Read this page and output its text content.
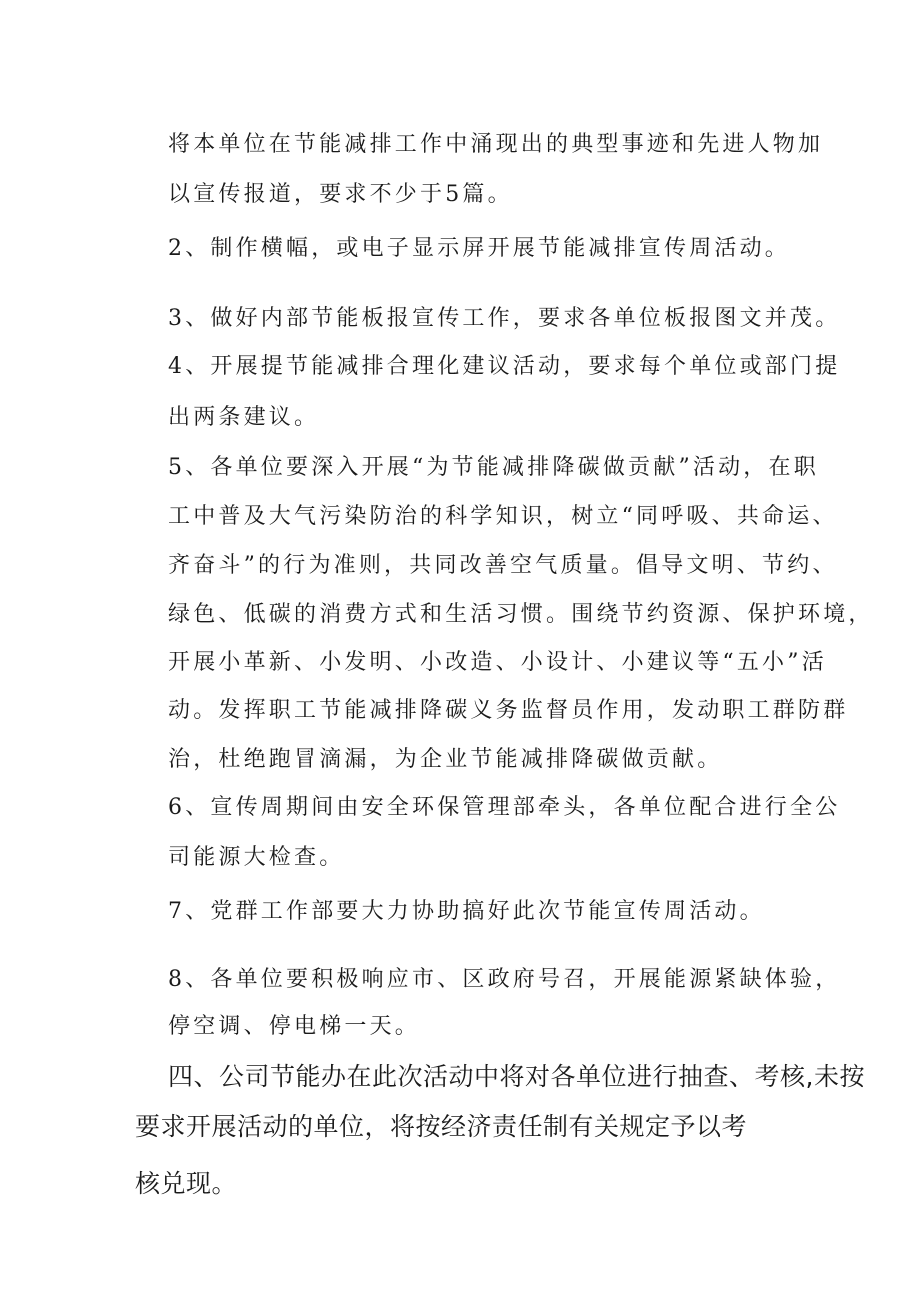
将本单位在节能减排工作中涌现出的典型事迹和先进人物加
以宣传报道，要求不少于5篇。
2、制作横幅，或电子显示屏开展节能减排宣传周活动。
3、做好内部节能板报宣传工作，要求各单位板报图文并茂。
4、开展提节能减排合理化建议活动，要求每个单位或部门提
出两条建议。
5、各单位要深入开展“为节能减排降碳做贡献”活动，在职
工中普及大气污染防治的科学知识，树立“同呼吸、共命运、
齐奋斗”的行为准则，共同改善空气质量。倡导文明、节约、
绿色、低碳的消费方式和生活习惯。围绕节约资源、保护环境，
开展小革新、小发明、小改造、小设计、小建议等“五小”活
动。发挥职工节能减排降碳义务监督员作用，发动职工群防群
治，杜绝跑冒滴漏，为企业节能减排降碳做贡献。
6、宣传周期间由安全环保管理部牵头，各单位配合进行全公
司能源大检查。
7、党群工作部要大力协助搞好此次节能宣传周活动。
8、各单位要积极响应市、区政府号召，开展能源紧缺体验，
停空调、停电梯一天。
四、公司节能办在此次活动中将对各单位进行抽查、考核,未按
要求开展活动的单位，将按经济责任制有关规定予以考
核兑现。
